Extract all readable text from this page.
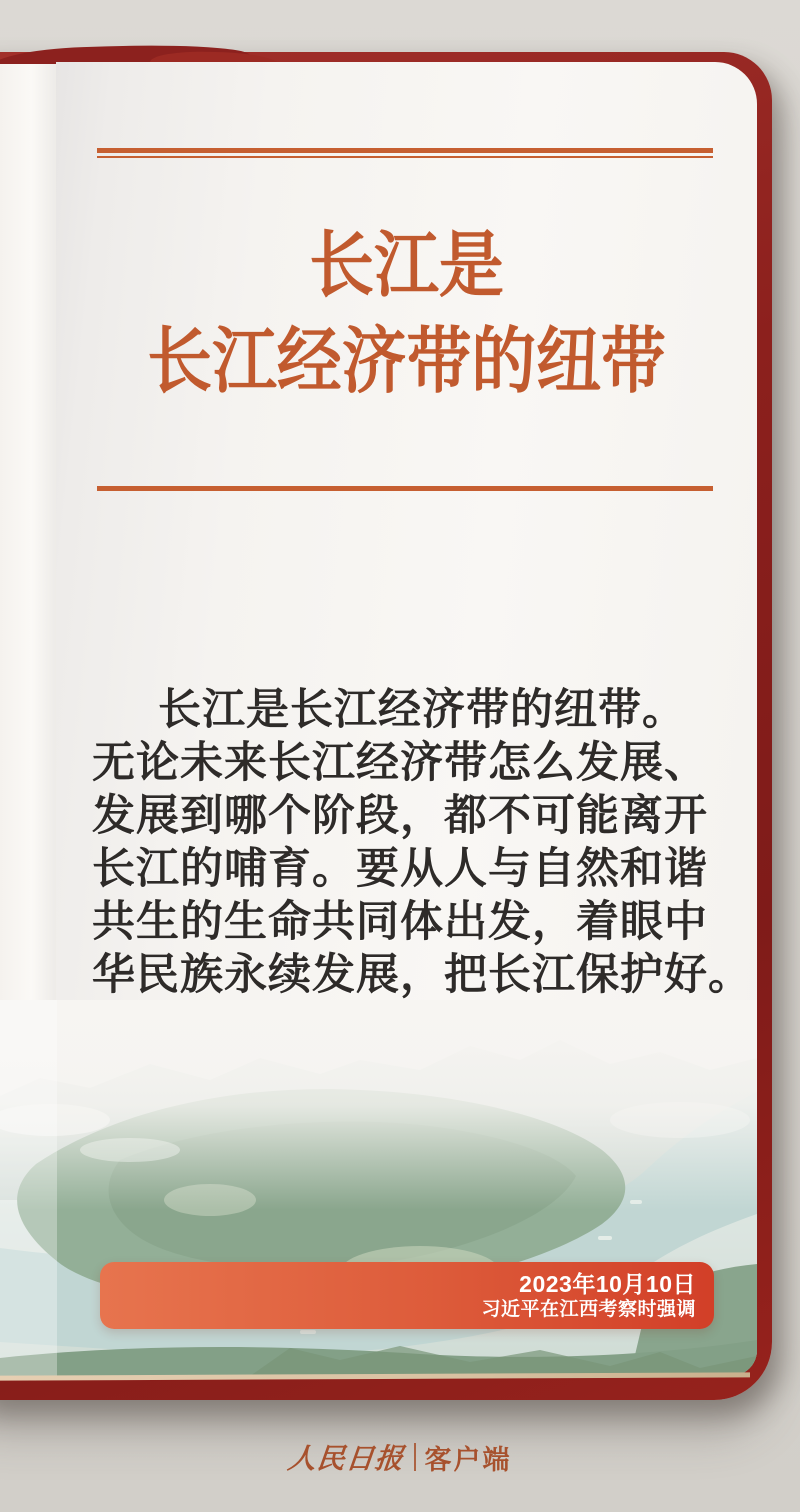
长江是
长江经济带的纽带

长江是长江经济带的纽带。

无论未来长江经济带怎么发展、

发展到哪个阶段，都不可能离开

长江的哺育。要从人与自然和谐

共生的生命共同体出发，着眼中

华民族永续发展，把长江保护好。

2023年10月10日
习近平在江西考察时强调
人民日报 客户端
